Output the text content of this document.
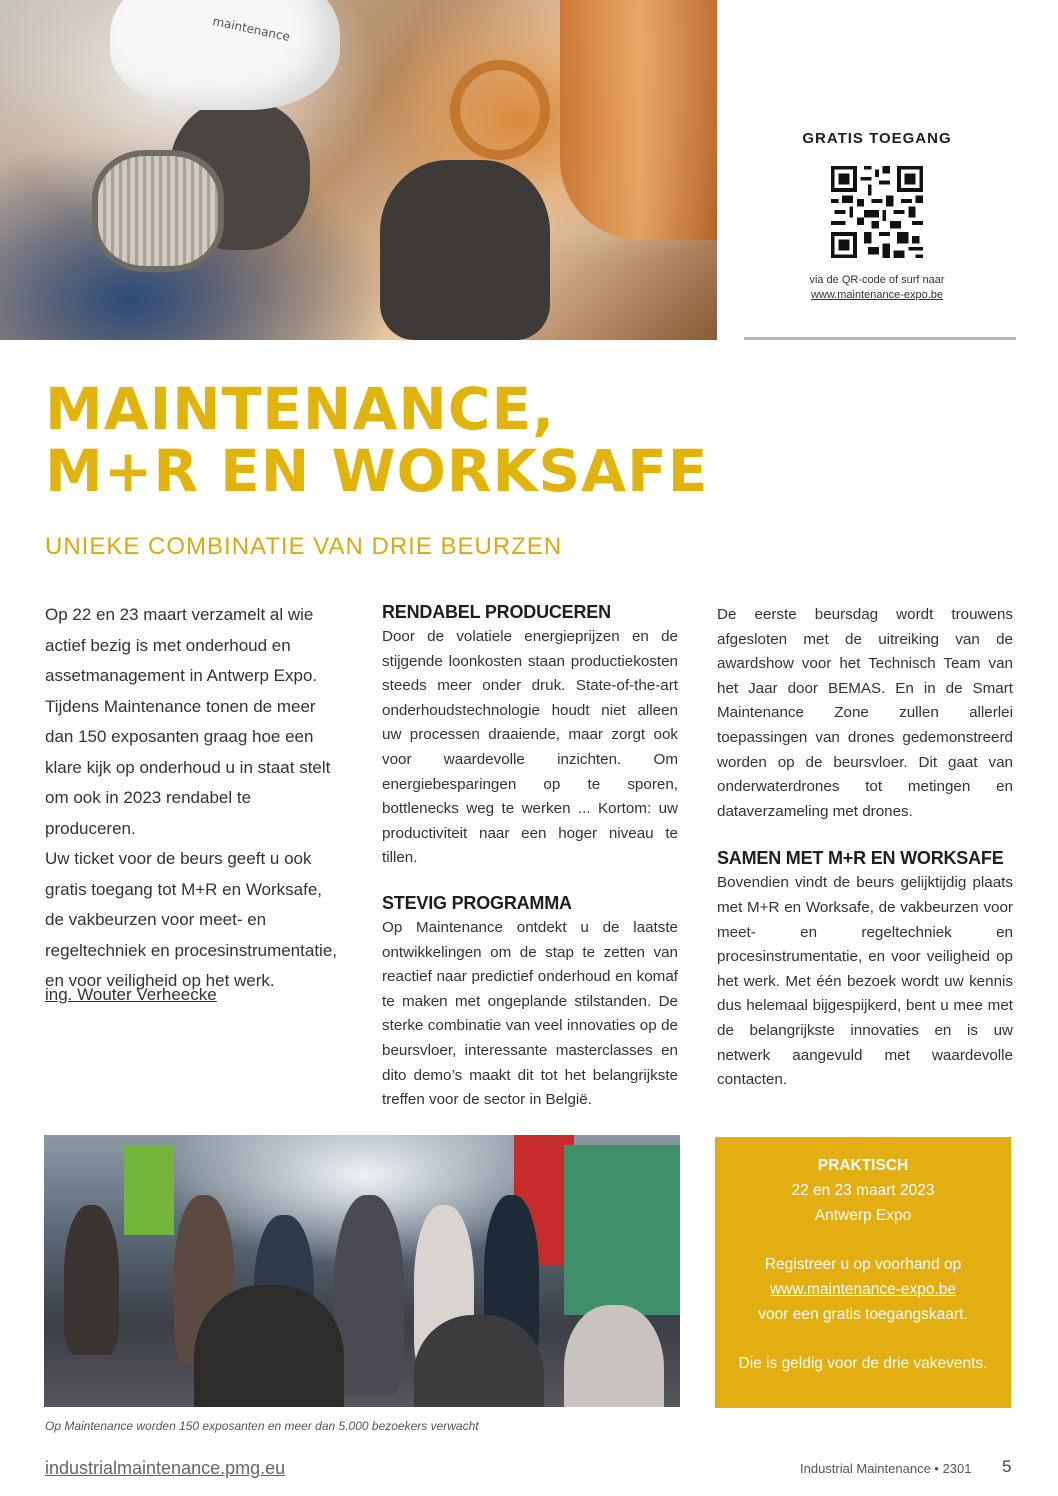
maintenance
GRATIS TOEGANG
via de QR-code of surf naar
www.maintenance-expo.be
MAINTENANCE,
M+R EN WORKSAFE
UNIEKE COMBINATIE VAN DRIE BEURZEN

Op 22 en 23 maart verzamelt al wie actief bezig is met onderhoud en assetmanagement in Antwerp Expo. Tijdens Maintenance tonen de meer dan 150 exposanten graag hoe een klare kijk op onderhoud u in staat stelt om ook in 2023 rendabel te produceren.

Uw ticket voor de beurs geeft u ook gratis toegang tot M+R en Worksafe, de vakbeurzen voor meet- en regeltechniek en procesinstrumentatie, en voor veiligheid op het werk.

ing. Wouter Verheecke
RENDABEL PRODUCEREN

Door de volatiele energieprijzen en de stijgende loonkosten staan productiekosten steeds meer onder druk. State-of-the-art onderhoudstechnologie houdt niet alleen uw processen draaiende, maar zorgt ook voor waardevolle inzichten. Om energiebesparingen op te sporen, bottlenecks weg te werken ... Kortom: uw productiviteit naar een hoger niveau te tillen.

STEVIG PROGRAMMA

Op Maintenance ontdekt u de laatste ontwikkelingen om de stap te zetten van reactief naar predictief onderhoud en komaf te maken met ongeplande stilstanden. De sterke combinatie van veel innovaties op de beursvloer, interessante masterclasses en dito demo’s maakt dit tot het belangrijkste treffen voor de sector in België.

De eerste beursdag wordt trouwens afgesloten met de uitreiking van de awardshow voor het Technisch Team van het Jaar door BEMAS. En in de Smart Maintenance Zone zullen allerlei toepassingen van drones gedemonstreerd worden op de beursvloer. Dit gaat van onderwaterdrones tot metingen en dataverzameling met drones.

SAMEN MET M+R EN WORKSAFE

Bovendien vindt de beurs gelijktijdig plaats met M+R en Worksafe, de vakbeurzen voor meet- en regeltechniek en procesinstrumentatie, en voor veiligheid op het werk. Met één bezoek wordt uw kennis dus helemaal bijgespijkerd, bent u mee met de belangrijkste innovaties en is uw netwerk aangevuld met waardevolle contacten.

Op Maintenance worden 150 exposanten en meer dan 5.000 bezoekers verwacht
PRAKTISCH
22 en 23 maart 2023
Antwerp Expo
Registreer u op voorhand op
www.maintenance-expo.be
voor een gratis toegangskaart.
Die is geldig voor de drie vakevents.
industrialmaintenance.pmg.eu	Industrial Maintenance • 2301 5
